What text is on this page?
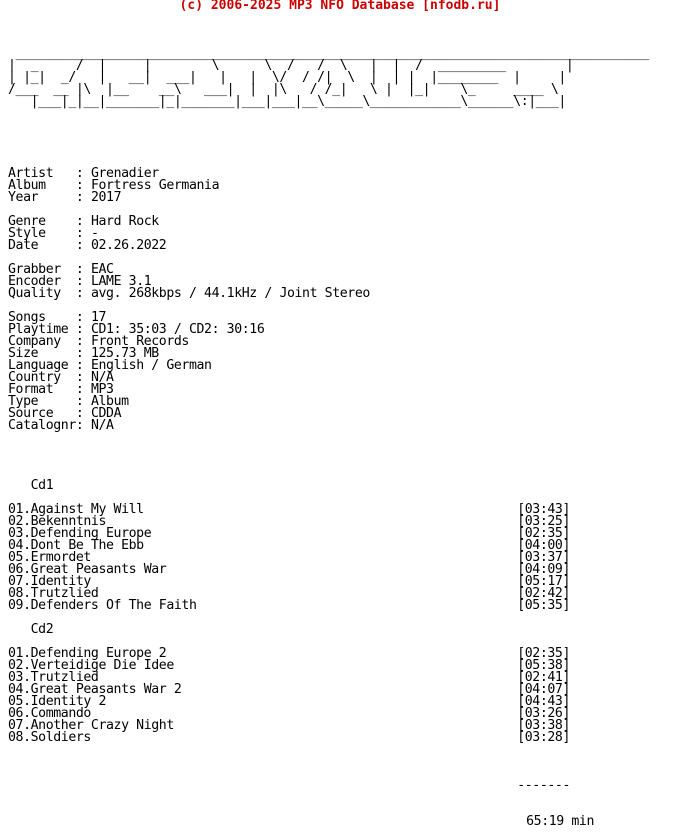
(c) 2006-2025 MP3 NFO Database [nfodb.ru]

____________________________________________________________________________________
|  _     /  |     |        \      \  /   /  \   |  |  /  _________        |
| |_|  _/   |   __|  ___|   |   |  \/  / /|  \  |  | |  |________  |     |
/___  __ |\  |__    __\   ___|  |  |\   / /_|   \ |  |_|    \_     ____ \
|___|_|__|_______|_|_______|___|___|__\_____\____________\______\:|___|

Artist   : Grenadier
Album    : Fortress Germania
Year     : 2017
Genre    : Hard Rock
Style    : -
Date     : 02.26.2022
Grabber  : EAC
Encoder  : LAME 3.1
Quality  : avg. 268kbps / 44.1kHz / Joint Stereo
Songs    : 17
Playtime : CD1: 35:03 / CD2: 30:16
Company  : Front Records
Size     : 125.73 MB
Language : English / German
Country  : N/A
Format   : MP3
Type     : Album
Source   : CDDA
Catalognr: N/A

Cd1
01.Against My Will	[03:43]
02.Bekenntnis	[03:25]
03.Defending Europe	[02:35]
04.Dont Be The Ebb	[04:00]
05.Ermordet	[03:37]
06.Great Peasants War	[04:09]
07.Identity	[05:17]
08.Trutzlied	[02:42]
09.Defenders Of The Faith	[05:35]
Cd2
01.Defending Europe 2	[02:35]
02.Verteidige Die Idee	[05:38]
03.Trutzlied	[02:41]
04.Great Peasants War 2	[04:07]
05.Identity 2	[04:43]
06.Commando	[03:26]
07.Another Crazy Night	[03:38]
08.Soldiers	[03:28]

-------

65:19 min
